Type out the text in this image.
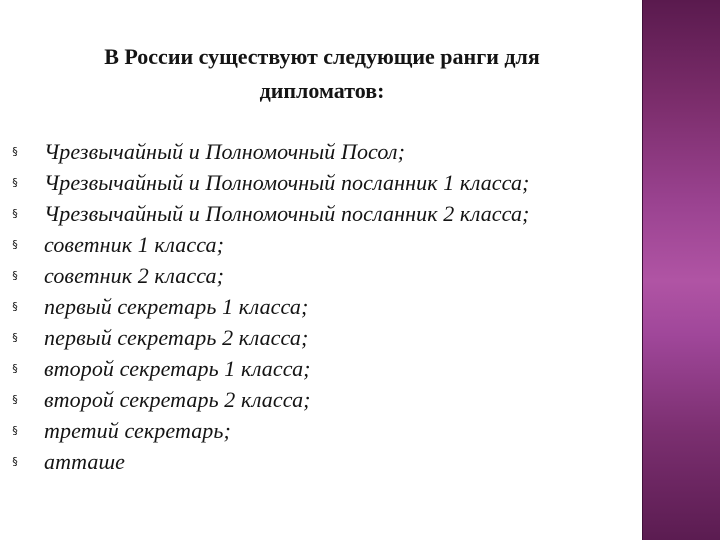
В России существуют следующие ранги для
дипломатов:
§ Чрезвычайный и Полномочный Посол;
§ Чрезвычайный и Полномочный посланник 1 класса;
§ Чрезвычайный и Полномочный посланник 2 класса;
§ советник 1 класса;
§ советник 2 класса;
§ первый секретарь 1 класса;
§ первый секретарь 2 класса;
§ второй секретарь 1 класса;
§ второй секретарь 2 класса;
§ третий секретарь;
§ атташе
